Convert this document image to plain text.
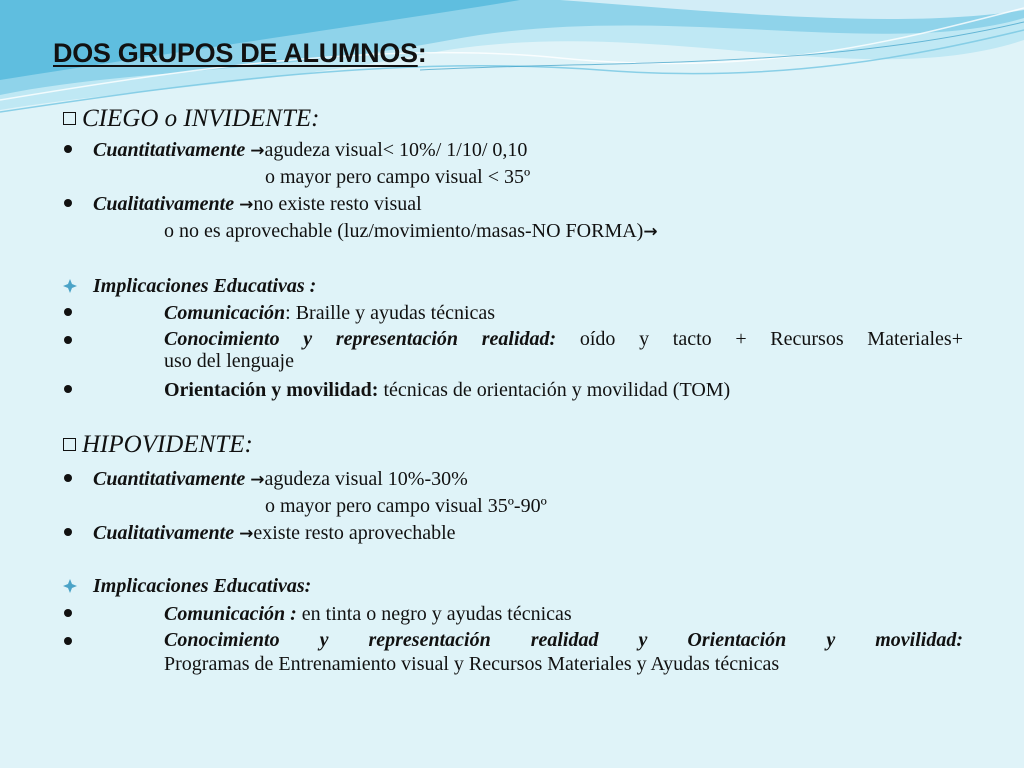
DOS GRUPOS DE ALUMNOS:
CIEGO o INVIDENTE:
Cuantitativamente →agudeza visual< 10%/ 1/10/ 0,10
o mayor pero campo visual < 35º
Cualitativamente →no existe resto visual
o no es aprovechable (luz/movimiento/masas-NO FORMA)→
Implicaciones Educativas :
Comunicación: Braille y ayudas técnicas
Conocimiento y representación realidad: oído y tacto + Recursos Materiales+
uso del lenguaje
Orientación y movilidad: técnicas de orientación y movilidad (TOM)
HIPOVIDENTE:
Cuantitativamente →agudeza visual 10%-30%
o mayor pero campo visual 35º-90º
Cualitativamente →existe resto aprovechable
Implicaciones Educativas:
Comunicación : en tinta o negro y ayudas técnicas
Conocimiento y representación realidad y Orientación y movilidad:
Programas de Entrenamiento visual y Recursos Materiales y Ayudas técnicas
